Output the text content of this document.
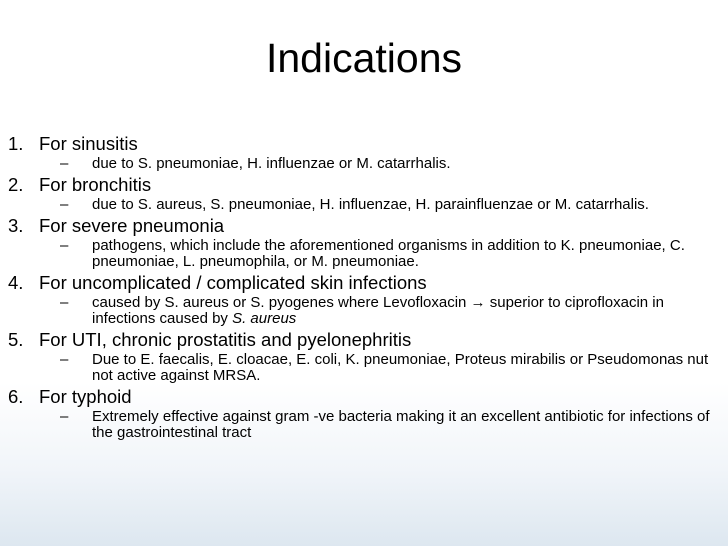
Indications
1. For sinusitis
–	due to S. pneumoniae, H. influenzae or M. catarrhalis.
2. For bronchitis
–	due to S. aureus, S. pneumoniae, H. influenzae, H. parainfluenzae or M. catarrhalis.
3. For severe pneumonia
–	pathogens, which include the aforementioned organisms in addition to K. pneumoniae, C. pneumoniae, L. pneumophila, or M. pneumoniae.
4. For uncomplicated / complicated skin infections
–	caused by S. aureus or S. pyogenes where Levofloxacin → superior to ciprofloxacin in infections caused by S. aureus
5. For UTI, chronic prostatitis and pyelonephritis
–	Due to E. faecalis, E. cloacae, E. coli, K. pneumoniae, Proteus mirabilis or Pseudomonas nut not active against MRSA.
6. For typhoid
–	Extremely effective against gram -ve bacteria making it an excellent antibiotic for infections of the gastrointestinal tract
